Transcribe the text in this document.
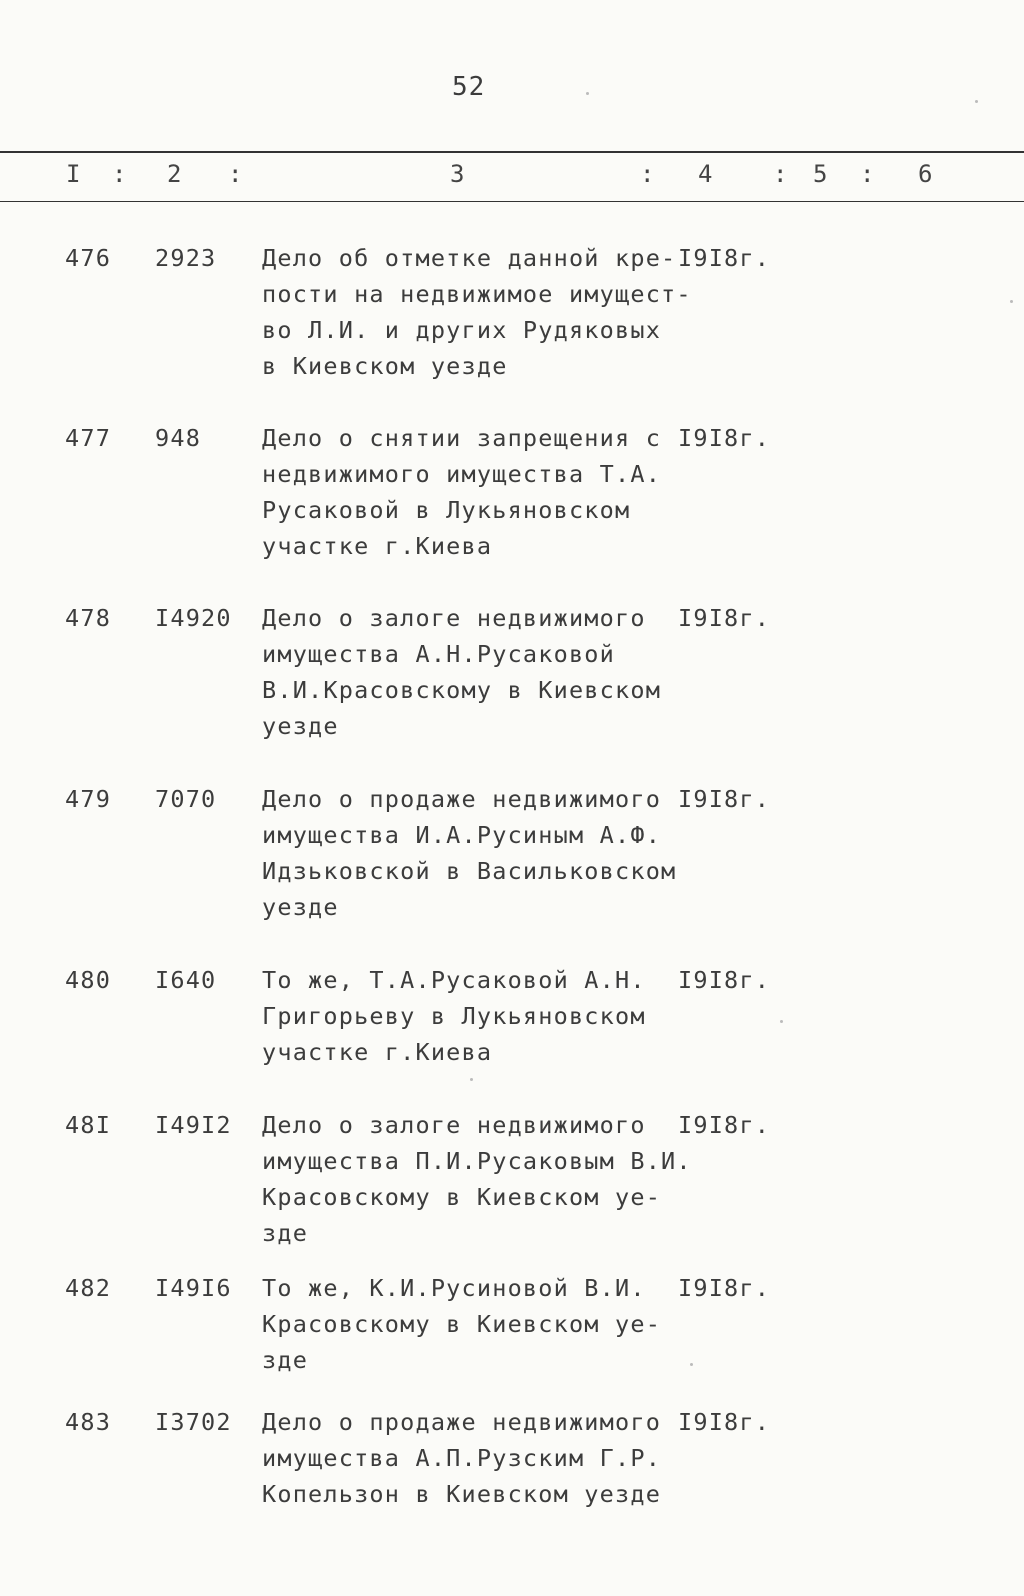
52
I : 2 :	3	: 4	: 5 : 6
476 2923 Дело об отметке данной кре-
пости на недвижимое имущест-
во Л.И. и других Рудяковых
в Киевском уезде
I9I8г.
477 948	Дело о снятии запрещения с
недвижимого имущества Т.А.
Русаковой в Лукьяновском
участке г.Киева
I9I8г.
478 I4920 Дело о залоге недвижимого
имущества А.Н.Русаковой
В.И.Красовскому в Киевском
уезде
I9I8г.
479 7070 Дело о продаже недвижимого
имущества И.А.Русиным А.Ф.
Идзьковской в Васильковском
уезде
I9I8г.
480 I640 То же, Т.А.Русаковой А.Н.
Григорьеву в Лукьяновском
участке г.Киева
I9I8г.
48I I49I2 Дело о залоге недвижимого
имущества П.И.Русаковым В.И.
Красовскому в Киевском уе-
зде
I9I8г.
482 I49I6 То же, К.И.Русиновой В.И.
Красовскому в Киевском уе-
зде
I9I8г.
483 I3702 Дело о продаже недвижимого
имущества А.П.Рузским Г.Р.
Копельзон в Киевском уезде
I9I8г.
